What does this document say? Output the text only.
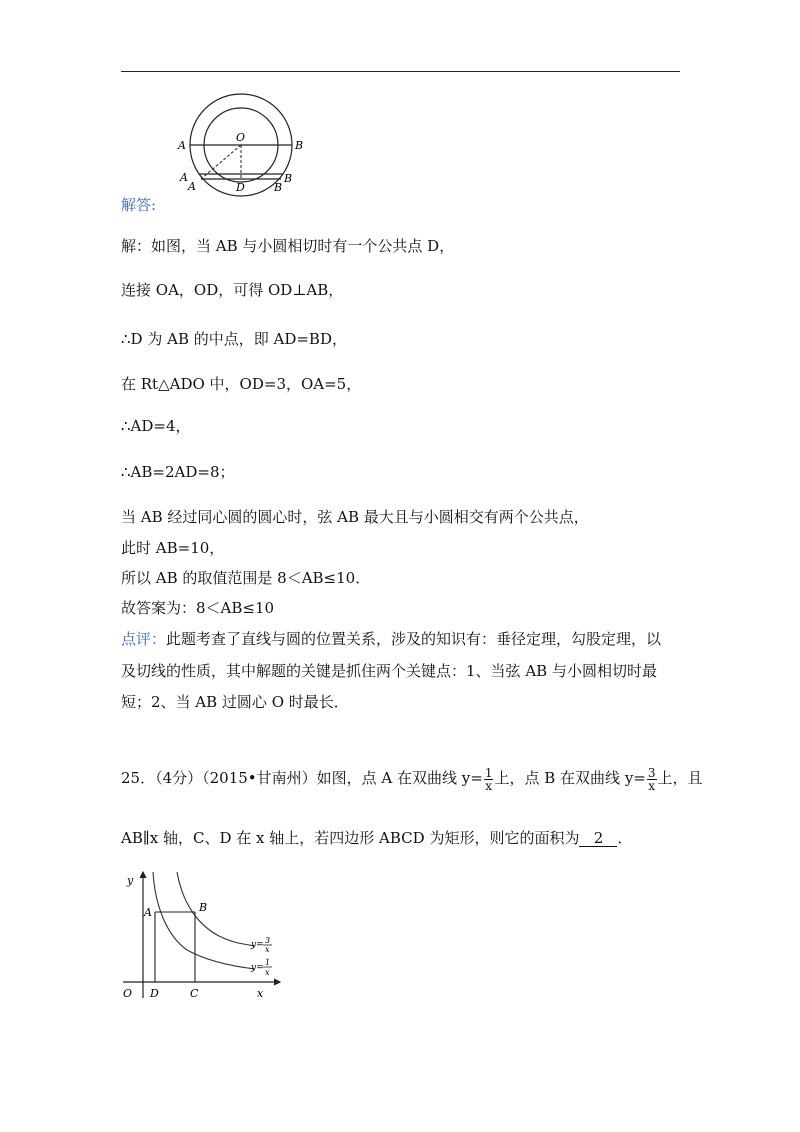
O
A	B
A
A	D
B
B
解答:
解：如图，当 AB 与小圆相切时有一个公共点 D，
连接 OA，OD，可得 OD⊥AB，
∴D 为 AB 的中点，即 AD=BD，
在 Rt△ADO 中，OD=3，OA=5，
∴AD=4，
∴AB=2AD=8；
当 AB 经过同心圆的圆心时，弦 AB 最大且与小圆相交有两个公共点，
此时 AB=10，
所以 AB 的取值范围是 8＜AB≤10．
故答案为：8＜AB≤10
点评：此题考查了直线与圆的位置关系，涉及的知识有：垂径定理，勾股定理，以
及切线的性质，其中解题的关键是抓住两个关键点：1、当弦 AB 与小圆相切时最
短；2、当 AB 过圆心 O 时最长．
25．（4分）（2015•甘南州）如图，点 A 在双曲线 $y= \frac{1}{x}$ 上，点 B 在双曲线 $y= \frac{3}{x}$ 上，且
AB∥x 轴，C、D 在 x 轴上，若四边形 ABCD 为矩形，则它的面积为 2 ．
y
x
O
A	B
D	C
y= 3
x
y=
1
x
